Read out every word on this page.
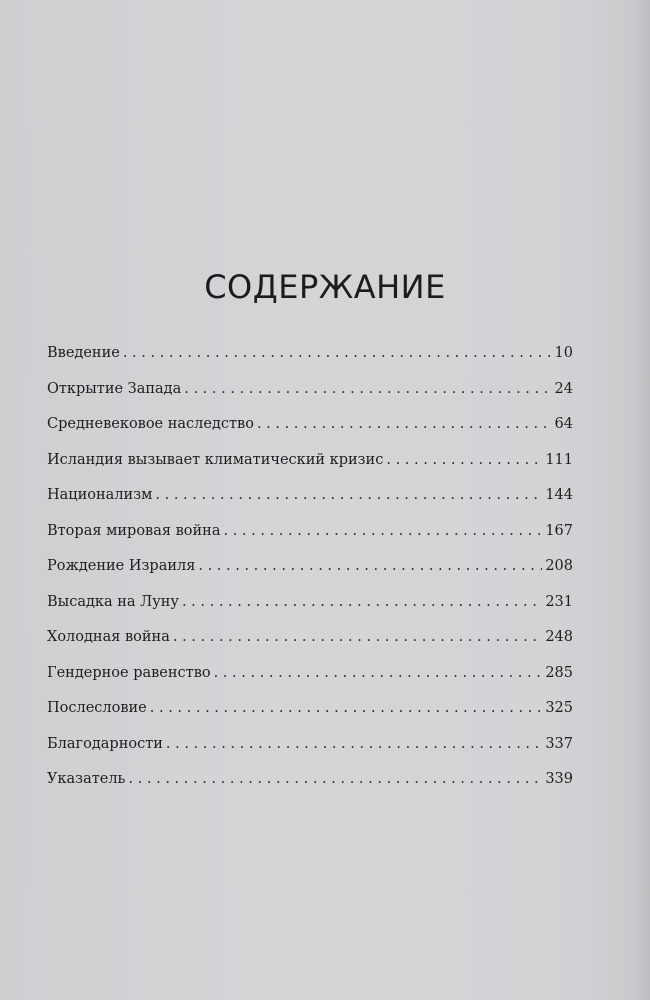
СОДЕРЖАНИЕ
Введение . . .	10
Открытие Запада . . .	24
Средневековое наследство . . .	64
Исландия вызывает климатический кризис . . .	111
Национализм . . .	144
Вторая мировая война . . .	167
Рождение Израиля . . .	208
Высадка на Луну . . .	231
Холодная война . . .	248
Гендерное равенство . . .	285
Послесловие . . .	325
Благодарности . . .	337
Указатель . . .	339
